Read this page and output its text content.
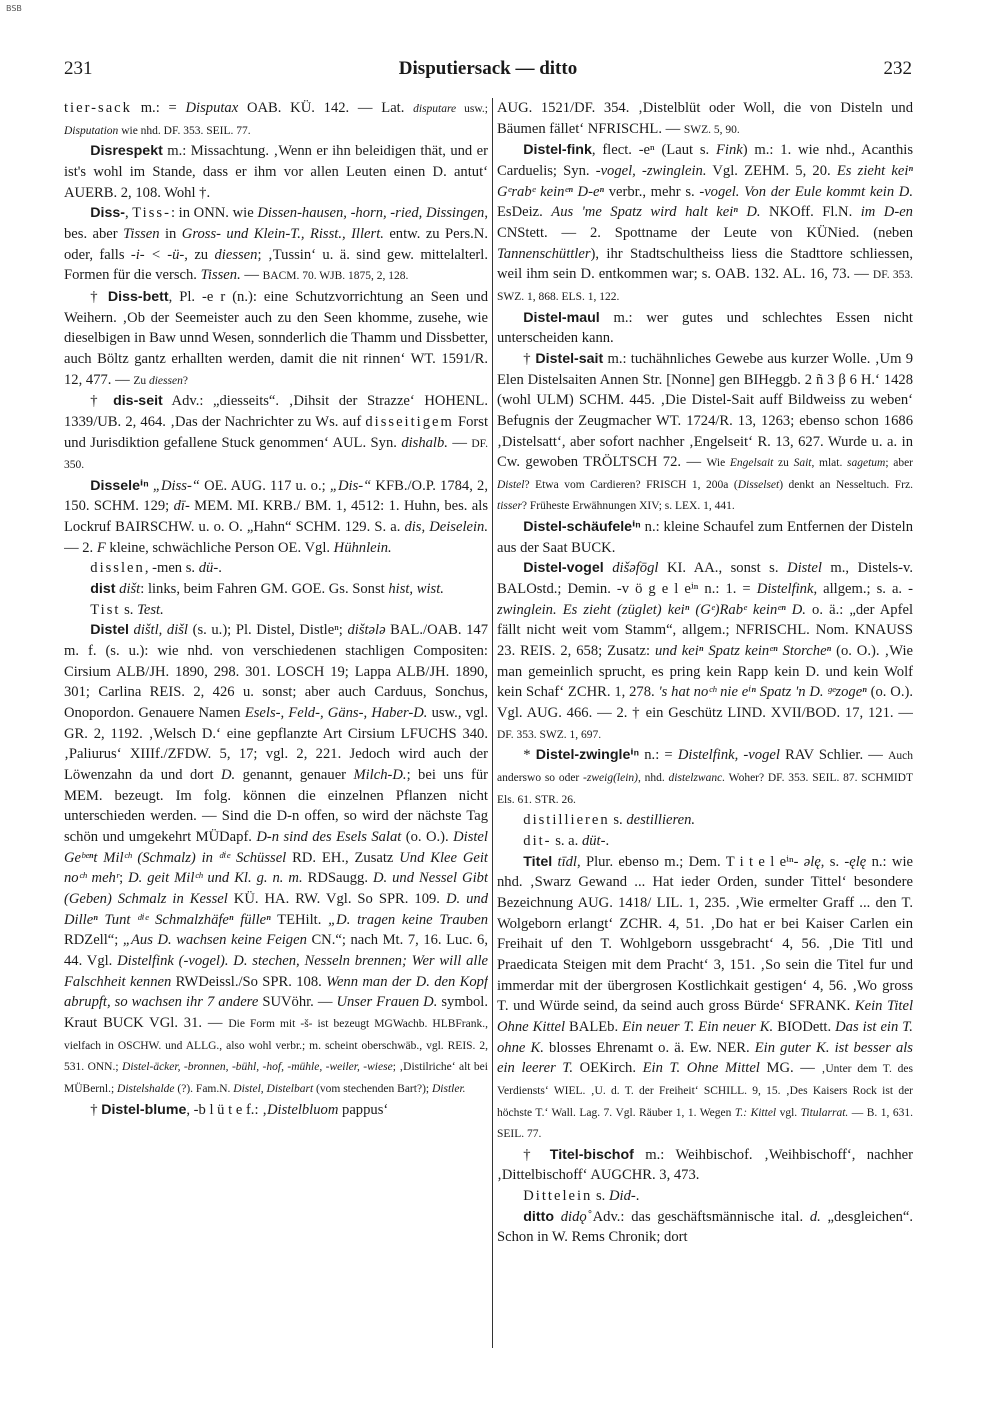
BSB
231	Disputiersack — ditto	232

tier-sack m.: = Disputax OAB. KÜ. 142. — Lat. disputare usw.; Disputation wie nhd. DF. 353. SEIL. 77.

Disrespekt m.: Missachtung. ‚Wenn er ihn beleidigen thät, und er ist's wohl im Stande, dass er ihm vor allen Leuten einen D. antut‘ AUERB. 2, 108. Wohl †.

Diss-, Tiss-: in ONN. wie Dissen-hausen, -horn, -ried, Dissingen, bes. aber Tissen in Gross- und Klein-T., Risst., Illert. entw. zu Pers.N. oder, falls -i- < -ü-, zu diessen; ‚Tussin‘ u. ä. sind gew. mittelalterl. Formen für die versch. Tissen. — BACM. 70. WJB. 1875, 2, 128.

† Diss-bett, Pl. -e r (n.): eine Schutzvorrichtung an Seen und Weihern. ‚Ob der Seemeister auch zu den Seen khomme, zusehe, wie dieselbigen in Baw unnd Wesen, sonnderlich die Thamm und Dissbetter, auch Böltz gantz erhallten werden, damit die nit rinnen‘ WT. 1591/R. 12, 477. — Zu diessen?

† dis-seit Adv.: „diesseits“. ‚Dihsit der Strazze‘ HOHENL. 1339/UB. 2, 464. ‚Das der Nachrichter zu Ws. auf disseitigem Forst und Jurisdiktion gefallene Stuck genommen‘ AUL. Syn. dishalb. — DF. 350.

Disseleⁱⁿ „Diss-“ OE. AUG. 117 u. o.; „Dis-“ KFB./O.P. 1784, 2, 150. SCHM. 129; dī- MEM. MI. KRB./ BM. 1, 4512: 1. Huhn, bes. als Lockruf BAIRSCHW. u. o. O. „Hahn“ SCHM. 129. S. a. dis, Deiselein. — 2. F kleine, schwächliche Person OE. Vgl. Hühnlein.

disslen, -men s. dü-.

dist dišt: links, beim Fahren GM. GOE. Gs. Sonst hist, wist.

Tist s. Test.

Distel dištl, dišl (s. u.); Pl. Distel, Distleⁿ; dištələ BAL./OAB. 147 m. f. (s. u.): wie nhd. von verschiedenen stachligen Compositen: Cirsium ALB/JH. 1890, 298. 301. LOSCH 19; Lappa ALB/JH. 1890, 301; Carlina REIS. 2, 426 u. sonst; aber auch Carduus, Sonchus, Onopordon. Genauere Namen Esels-, Feld-, Gäns-, Haber-D. usw., vgl. GR. 2, 1192. ‚Welsch D.‘ eine gepflanzte Art Cirsium LFUCHS 340. ‚Paliurus‘ XIIIf./ZFDW. 5, 17; vgl. 2, 221. Jedoch wird auch der Löwenzahn da und dort D. genannt, genauer Milch-D.; bei uns für MEM. bezeugt. Im folg. können die einzelnen Pflanzen nicht unterschieden werden. — Sind die D-n offen, so wird der nächste Tag schön und umgekehrt MÜDapf. D-n sind des Esels Salat (o. O.). Distel Geᵇᵉⁿt Milᶜʰ (Schmalz) in ᵈⁱᵉ Schüssel RD. EH., Zusatz Und Klee Geit noᶜʰ mehʳ; D. geit Milᶜʰ und Kl. g. n. m. RDSaugg. D. und Nessel Gibt (Geben) Schmalz in Kessel KÜ. HA. RW. Vgl. So SPR. 109. D. und Dilleⁿ Tunt ᵈⁱᵉ Schmalzhäfeⁿ fülleⁿ TEHilt. „D. tragen keine Trauben RDZell“; „Aus D. wachsen keine Feigen CN.“; nach Mt. 7, 16. Luc. 6, 44. Vgl. Distelfink (-vogel). D. stechen, Nesseln brennen; Wer will alle Falschheit kennen RWDeissl./So SPR. 108. Wenn man der D. den Kopf abrupft, so wachsen ihr 7 andere SUVöhr. — Unser Frauen D. symbol. Kraut BUCK VGl. 31. — Die Form mit -š- ist bezeugt MGWachb. HLBFrank., vielfach in OSCHW. und ALLG., also wohl verbr.; m. scheint oberschwäb., vgl. REIS. 2, 531. ONN.; Distel-äcker, -bronnen, -bühl, -hof, -mühle, -weiler, -wiese; ‚Distilriche‘ alt bei MÜBernl.; Distelshalde (?). Fam.N. Distel, Distelbart (vom stechenden Bart?); Distler.

† Distel-blume, -b l ü t e f.: ‚Distelbluom pappus‘

AUG. 1521/DF. 354. ‚Distelblüt oder Woll, die von Disteln und Bäumen fället‘ NFRISCHL. — SWZ. 5, 90.

Distel-fink, flect. -eⁿ (Laut s. Fink) m.: 1. wie nhd., Acanthis Carduelis; Syn. -vogel, -zwinglein. Vgl. ZEHM. 5, 20. Es zieht keiⁿ Gᵉrabᵉ keinᵉⁿ D-eⁿ verbr., mehr s. -vogel. Von der Eule kommt kein D. EsDeiz. Aus 'me Spatz wird halt keiⁿ D. NKOff. Fl.N. im D-en CNStett. — 2. Spottname der Leute von KÜNied. (neben Tannenschüttler), ihr Stadtschultheiss liess die Stadttore schliessen, weil ihm sein D. entkommen war; s. OAB. 132. AL. 16, 73. — DF. 353. SWZ. 1, 868. ELS. 1, 122.

Distel-maul m.: wer gutes und schlechtes Essen nicht unterscheiden kann.

† Distel-sait m.: tuchähnliches Gewebe aus kurzer Wolle. ‚Um 9 Elen Distelsaiten Annen Str. [Nonne] gen BIHeggb. 2 ñ 3 β 6 H.‘ 1428 (wohl ULM) SCHM. 445. ‚Die Distel-Sait auff Bildweiss zu weben‘ Befugnis der Zeugmacher WT. 1724/R. 13, 1263; ebenso schon 1686 ‚Distelsatt‘, aber sofort nachher ‚Engelseit‘ R. 13, 627. Wurde u. a. in Cw. gewoben TRÖLTSCH 72. — Wie Engelsait zu Sait, mlat. sagetum; aber Distel? Etwa vom Cardieren? FRISCH 1, 200a (Disselset) denkt an Nesseltuch. Frz. tisser? Früheste Erwähnungen XIV; s. LEX. 1, 441.

Distel-schäufeleⁱⁿ n.: kleine Schaufel zum Entfernen der Disteln aus der Saat BUCK.

Distel-vogel dišəfōgl KI. AA., sonst s. Distel m., Distels-v. BALOstd.; Demin. -v ö g e l eⁱⁿ n.: 1. = Distelfink, allgem.; s. a. -zwinglein. Es zieht (züglet) keiⁿ (Gᵉ)Rabᵉ keinᵉⁿ D. o. ä.: „der Apfel fällt nicht weit vom Stamm“, allgem.; NFRISCHL. Nom. KNAUSS 23. REIS. 2, 658; Zusatz: und keiⁿ Spatz keinᵉⁿ Storcheⁿ (o. O.). ‚Wie man gemeinlich sprucht, es pring kein Rapp kein D. und kein Wolf kein Schaf‘ ZCHR. 1, 278. 's hat noᶜʰ nie eⁱⁿ Spatz 'n D. ᵍᵉzogeⁿ (o. O.). Vgl. AUG. 466. — 2. † ein Geschütz LIND. XVII/BOD. 17, 121. — DF. 353. SWZ. 1, 697.

* Distel-zwingleⁱⁿ n.: = Distelfink, -vogel RAV Schlier. — Auch anderswo so oder -zweig(lein), nhd. distelzwanc. Woher? DF. 353. SEIL. 87. SCHMIDT Els. 61. STR. 26.

distillieren s. destillieren.

dit- s. a. düt-.

Titel tīdl, Plur. ebenso m.; Dem. T i t e l eⁱⁿ- əlę, s. -ęlę n.: wie nhd. ‚Swarz Gewand ... Hat ieder Orden, sunder Tittel‘ besondere Bezeichnung AUG. 1418/ LIL. 1, 235. ‚Wie ermelter Graff ... den T. Wolgeborn erlangt‘ ZCHR. 4, 51. ‚Do hat er bei Kaiser Carlen ein Freihait uf den T. Wohlgeborn ussgebracht‘ 4, 56. ‚Die Titl und Praedicata Steigen mit dem Pracht‘ 3, 151. ‚So sein die Titel fur und immerdar mit der übergrosen Kostlichkait gestigen‘ 4, 56. ‚Wo gross T. und Würde seind, da seind auch gross Bürde‘ SFRANK. Kein Titel Ohne Kittel BALEb. Ein neuer T. Ein neuer K. BIODett. Das ist ein T. ohne K. blosses Ehrenamt o. ä. Ew. NER. Ein guter K. ist besser als ein leerer T. OEKirch. Ein T. Ohne Mittel MG. — ‚Unter dem T. des Verdiensts‘ WIEL. ‚U. d. T. der Freiheit‘ SCHILL. 9, 15. ‚Des Kaisers Rock ist der höchste T.‘ Wall. Lag. 7. Vgl. Räuber 1, 1. Wegen T.: Kittel vgl. Titularrat. — B. 1, 631. SEIL. 77.

† Titel-bischof m.: Weihbischof. ‚Weihbischoff‘, nachher ‚Dittelbischoff‘ AUGCHR. 3, 473.

Dittelein s. Did-.

ditto didǫ̊ Adv.: das geschäftsmännische ital. d. „desgleichen“. Schon in W. Rems Chronik; dort
